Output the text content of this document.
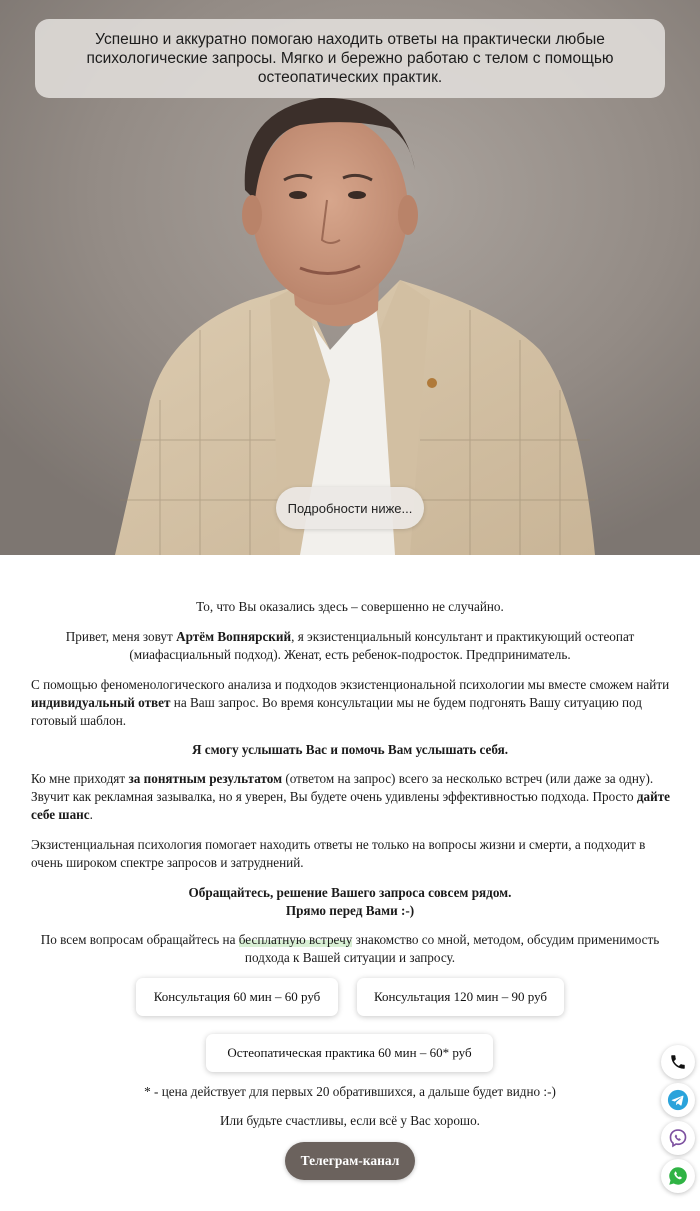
Успешно и аккуратно помогаю находить ответы на практически любые психологические запросы. Мягко и бережно работаю с телом с помощью остеопатических практик.

Подробности ниже...

То, что Вы оказались здесь – совершенно не случайно.

Привет, меня зовут Артём Вопнярский, я экзистенциальный консультант и практикующий остеопат (миафасциальный подход). Женат, есть ребенок-подросток. Предприниматель.

С помощью феноменологического анализа и подходов экзистенциональной психологии мы вместе сможем найти индивидуальный ответ на Ваш запрос. Во время консультации мы не будем подгонять Вашу ситуацию под готовый шаблон.

Я смогу услышать Вас и помочь Вам услышать себя.

Ко мне приходят за понятным результатом (ответом на запрос) всего за несколько встреч (или даже за одну). Звучит как рекламная зазывалка, но я уверен, Вы будете очень удивлены эффективностью подхода. Просто дайте себе шанс.

Экзистенциальная психология помогает находить ответы не только на вопросы жизни и смерти, а подходит в очень широком спектре запросов и затруднений.

Обращайтесь, решение Вашего запроса совсем рядом.
Прямо перед Вами :-)

По всем вопросам обращайтесь на бесплатную встречу знакомство со мной, методом, обсудим применимость подхода к Вашей ситуации и запросу.

Консультация 60 мин – 60 руб	Консультация 120 мин – 90 руб
Остеопатическая практика 60 мин – 60* руб

* - цена действует для первых 20 обратившихся, а дальше будет видно :-)

Или будьте счастливы, если всё у Вас хорошо.

Телеграм-канал
